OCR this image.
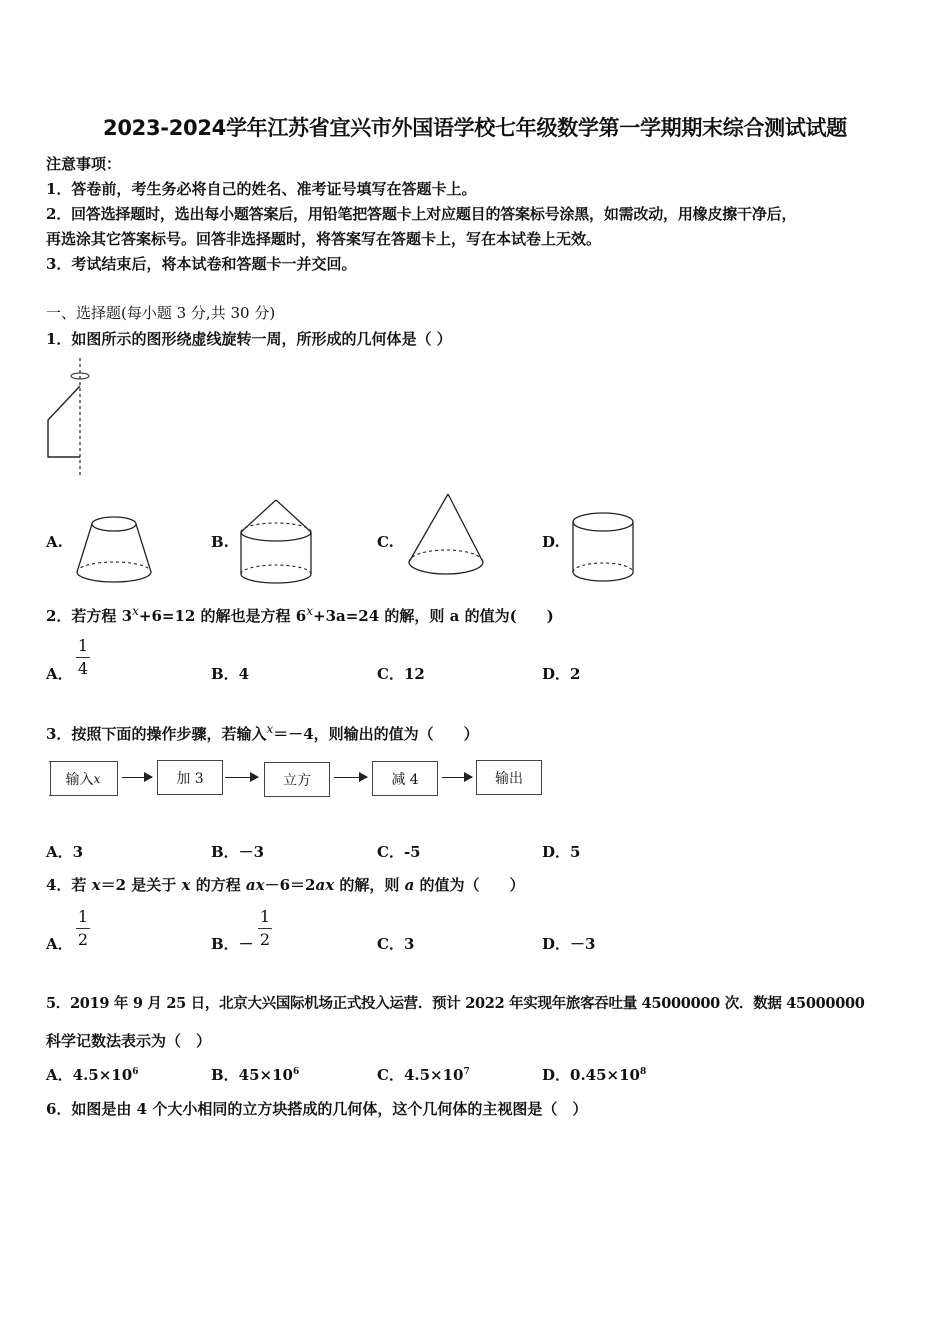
2023-2024学年江苏省宜兴市外国语学校七年级数学第一学期期末综合测试试题
注意事项：
1．答卷前，考生务必将自己的姓名、准考证号填写在答题卡上。
2．回答选择题时，选出每小题答案后，用铅笔把答题卡上对应题目的答案标号涂黑，如需改动，用橡皮擦干净后，
再选涂其它答案标号。回答非选择题时，将答案写在答题卡上，写在本试卷上无效。
3．考试结束后，将本试卷和答题卡一并交回。
一、选择题(每小题 3 分,共 30 分)
1．如图所示的图形绕虚线旋转一周，所形成的几何体是（ ）
A.	B.	C.	D.
2．若方程 $3^x+6=12$ 的解也是方程 $6^x+3a=24$ 的解，则 a 的值为(　　)
A．
1
4	B．4	C．12	D．2
3．按照下面的操作步骤，若输入$^x$＝－4，则输出的值为（　　）
输入 x	加 3	立方	减 4	输出
A．3	B．－3	C．-5	D．5
4．若 x＝2 是关于 x 的方程 ax－6＝2ax 的解，则 a 的值为（　　）
A．
1
2	B．－
1
2	C．3	D．－3
5．2019 年 9 月 25 日，北京大兴国际机场正式投入运营．预计 2022 年实现年旅客吞吐量 45000000 次．数据 45000000
科学记数法表示为（　）
A．$4.5\times 10^6$	B．$45\times 10^6$	C．$4.5\times 10^7$	D．$0.45\times 10^8$
6．如图是由 4 个大小相同的立方块搭成的几何体，这个几何体的主视图是（　）
